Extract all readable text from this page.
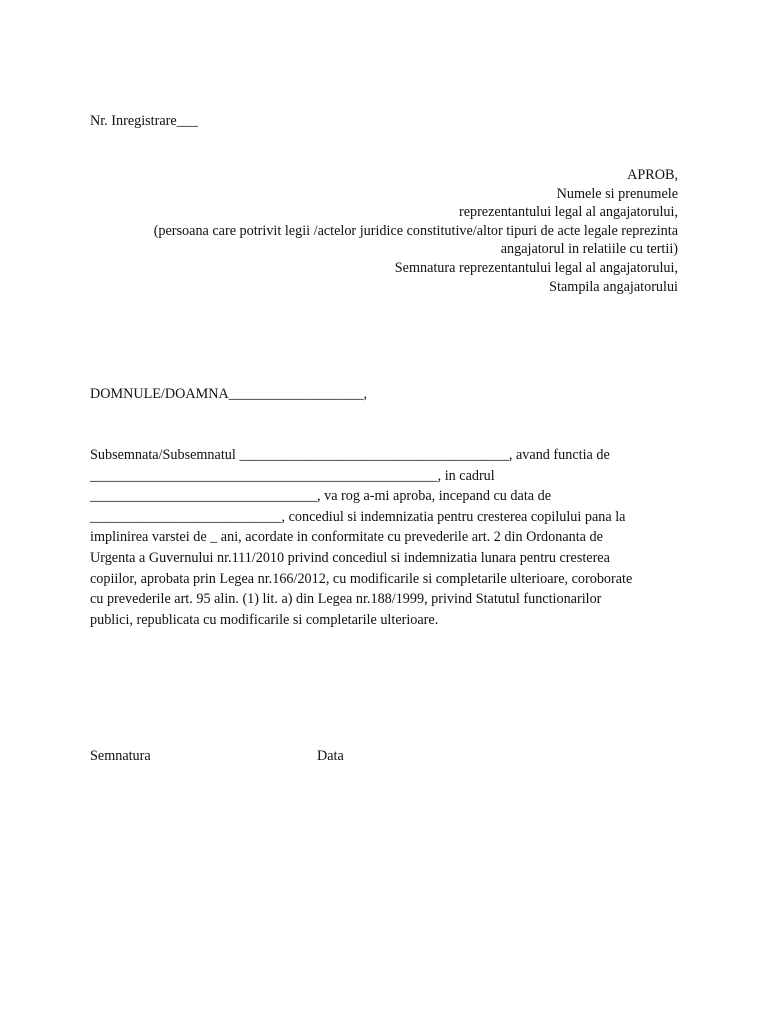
Nr. Inregistrare___
APROB,
Numele si prenumele
reprezentantului legal al angajatorului,
(persoana care potrivit legii /actelor juridice constitutive/altor tipuri de acte legale reprezinta
angajatorul in relatiile cu tertii)
Semnatura reprezentantului legal al angajatorului,
Stampila angajatorului
DOMNULE/DOAMNA___________________,
Subsemnata/Subsemnatul ______________________________________, avand functia de
_________________________________________________, in cadrul
________________________________, va rog a-mi aproba, incepand cu data de
___________________________, concediul si indemnizatia pentru cresterea copilului pana la
implinirea varstei de _ ani, acordate in conformitate cu prevederile art. 2 din Ordonanta de
Urgenta a Guvernului nr.111/2010 privind concediul si indemnizatia lunara pentru cresterea
copiilor, aprobata prin Legea nr.166/2012, cu modificarile si completarile ulterioare, coroborate
cu prevederile art. 95 alin. (1) lit. a) din Legea nr.188/1999, privind Statutul functionarilor
publici, republicata cu modificarile si completarile ulterioare.
Semnatura	Data
